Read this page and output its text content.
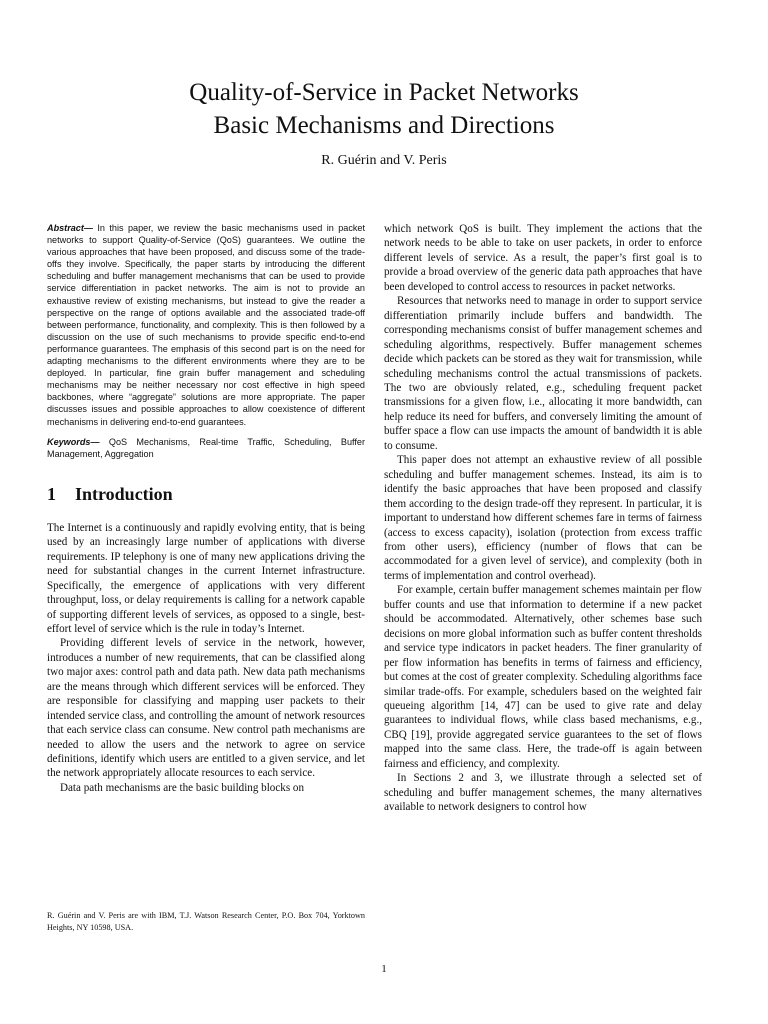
Quality-of-Service in Packet Networks
Basic Mechanisms and Directions
R. Guérin and V. Peris

Abstract— In this paper, we review the basic mechanisms used in packet networks to support Quality-of-Service (QoS) guarantees. We outline the various approaches that have been proposed, and discuss some of the trade-offs they involve. Specifically, the paper starts by introducing the different scheduling and buffer management mechanisms that can be used to provide service differentiation in packet networks. The aim is not to provide an exhaustive review of existing mechanisms, but instead to give the reader a perspective on the range of options available and the associated trade-off between performance, functionality, and complexity. This is then followed by a discussion on the use of such mechanisms to provide specific end-to-end performance guarantees. The emphasis of this second part is on the need for adapting mechanisms to the different environments where they are to be deployed. In particular, fine grain buffer management and scheduling mechanisms may be neither necessary nor cost effective in high speed backbones, where “aggregate” solutions are more appropriate. The paper discusses issues and possible approaches to allow coexistence of different mechanisms in delivering end-to-end guarantees.

Keywords— QoS Mechanisms, Real-time Traffic, Scheduling, Buffer Management, Aggregation

1 Introduction

The Internet is a continuously and rapidly evolving entity, that is being used by an increasingly large number of applications with diverse requirements. IP telephony is one of many new applications driving the need for substantial changes in the current Internet infrastructure. Specifically, the emergence of applications with very different throughput, loss, or delay requirements is calling for a network capable of supporting different levels of services, as opposed to a single, best-effort level of service which is the rule in today’s Internet.

Providing different levels of service in the network, however, introduces a number of new requirements, that can be classified along two major axes: control path and data path. New data path mechanisms are the means through which different services will be enforced. They are responsible for classifying and mapping user packets to their intended service class, and controlling the amount of network resources that each service class can consume. New control path mechanisms are needed to allow the users and the network to agree on service definitions, identify which users are entitled to a given service, and let the network appropriately allocate resources to each service.

Data path mechanisms are the basic building blocks on

which network QoS is built. They implement the actions that the network needs to be able to take on user packets, in order to enforce different levels of service. As a result, the paper’s first goal is to provide a broad overview of the generic data path approaches that have been developed to control access to resources in packet networks.

Resources that networks need to manage in order to support service differentiation primarily include buffers and bandwidth. The corresponding mechanisms consist of buffer management schemes and scheduling algorithms, respectively. Buffer management schemes decide which packets can be stored as they wait for transmission, while scheduling mechanisms control the actual transmissions of packets. The two are obviously related, e.g., scheduling frequent packet transmissions for a given flow, i.e., allocating it more bandwidth, can help reduce its need for buffers, and conversely limiting the amount of buffer space a flow can use impacts the amount of bandwidth it is able to consume.

This paper does not attempt an exhaustive review of all possible scheduling and buffer management schemes. Instead, its aim is to identify the basic approaches that have been proposed and classify them according to the design trade-off they represent. In particular, it is important to understand how different schemes fare in terms of fairness (access to excess capacity), isolation (protection from excess traffic from other users), efficiency (number of flows that can be accommodated for a given level of service), and complexity (both in terms of implementation and control overhead).

For example, certain buffer management schemes maintain per flow buffer counts and use that information to determine if a new packet should be accommodated. Alternatively, other schemes base such decisions on more global information such as buffer content thresholds and service type indicators in packet headers. The finer granularity of per flow information has benefits in terms of fairness and efficiency, but comes at the cost of greater complexity. Scheduling algorithms face similar trade-offs. For example, schedulers based on the weighted fair queueing algorithm [14, 47] can be used to give rate and delay guarantees to individual flows, while class based mechanisms, e.g., CBQ [19], provide aggregated service guarantees to the set of flows mapped into the same class. Here, the trade-off is again between fairness and efficiency, and complexity.

In Sections 2 and 3, we illustrate through a selected set of scheduling and buffer management schemes, the many alternatives available to network designers to control how

R. Guérin and V. Peris are with IBM, T.J. Watson Research Center, P.O. Box 704, Yorktown Heights, NY 10598, USA.
1
